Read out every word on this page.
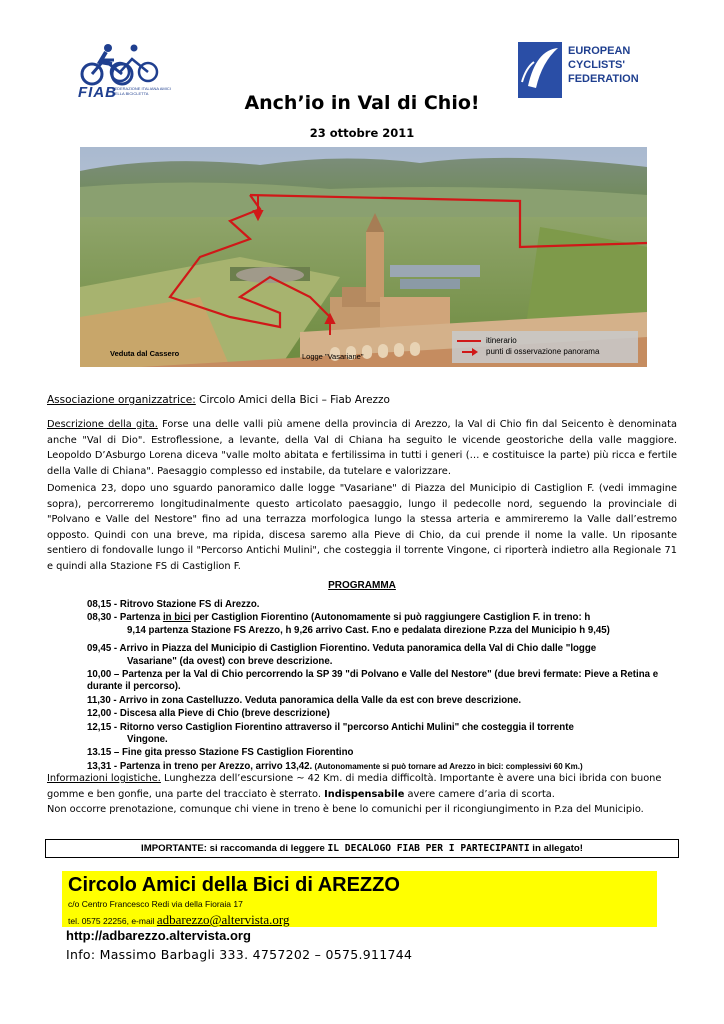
FIAB
FEDERAZIONE ITALIANA AMICI DELLA BICICLETTA
EUROPEAN
CYCLISTS'
FEDERATION
Anch’io in Val di Chio!
23 ottobre 2011
Veduta dal Cassero	Logge "Vasariane"
itinerario
punti di osservazione panorama
Associazione organizzatrice: Circolo Amici della Bici – Fiab Arezzo
Descrizione della gita. Forse una delle valli più amene della provincia di Arezzo, la Val di Chio fin dal Seicento è denominata anche "Val di Dio". Estroflessione, a levante, della Val di Chiana ha seguito le vicende geostoriche della valle maggiore. Leopoldo D’Asburgo Lorena diceva "valle molto abitata e fertilissima in tutti i generi (… e costituisce la parte) più ricca e fertile della Valle di Chiana". Paesaggio complesso ed instabile, da tutelare e valorizzare.
Domenica 23, dopo uno sguardo panoramico dalle logge "Vasariane" di Piazza del Municipio di Castiglion F. (vedi immagine sopra), percorreremo longitudinalmente questo articolato paesaggio, lungo il pedecolle nord, seguendo la provinciale di "Polvano e Valle del Nestore" fino ad una terrazza morfologica lungo la stessa arteria e ammireremo la Valle dall’estremo opposto. Quindi con una breve, ma ripida, discesa saremo alla Pieve di Chio, da cui prende il nome la valle. Un riposante sentiero di fondovalle lungo il "Percorso Antichi Mulini", che costeggia il torrente Vingone, ci riporterà indietro alla Regionale 71 e quindi alla Stazione FS di Castiglion F.
PROGRAMMA
08,15 - Ritrovo Stazione FS di Arezzo.
08,30 - Partenza in bici per Castiglion Fiorentino (Autonomamente si può raggiungere Castiglion F. in treno: h
9,14 partenza Stazione FS Arezzo, h 9,26 arrivo Cast. F.no e pedalata direzione P.zza del Municipio h 9,45)
09,45 - Arrivo in Piazza del Municipio di Castiglion Fiorentino. Veduta panoramica della Val di Chio dalle "logge
Vasariane" (da ovest) con breve descrizione.
10,00 – Partenza per la Val di Chio percorrendo la SP 39 "di Polvano e Valle del Nestore" (due brevi fermate: Pieve a Retina e durante il percorso).
11,30 - Arrivo in zona Castelluzzo. Veduta panoramica della Valle da est con breve descrizione.
12,00 - Discesa alla Pieve di Chio (breve descrizione)
12,15 - Ritorno verso Castiglion Fiorentino attraverso il "percorso Antichi Mulini" che costeggia il torrente
Vingone.
13.15 – Fine gita presso Stazione FS Castiglion Fiorentino
13,31 - Partenza in treno per Arezzo, arrivo 13,42. (Autonomamente si può tornare ad Arezzo in bici: complessivi 60 Km.)
Informazioni logistiche. Lunghezza dell’escursione ~ 42 Km. di media difficoltà. Importante è avere una bici ibrida con buone gomme e ben gonfie, una parte del tracciato è sterrato. Indispensabile avere camere d’aria di scorta.
Non occorre prenotazione, comunque chi viene in treno è bene lo comunichi per il ricongiungimento in P.za del Municipio.
IMPORTANTE: si raccomanda di leggere IL DECALOGO FIAB PER I PARTECIPANTI in allegato!
Circolo Amici della Bici di AREZZO
c/o Centro Francesco Redi via della Fioraia 17
tel. 0575 22256, e-mail adbarezzo@altervista.org
http://adbarezzo.altervista.org
Info: Massimo Barbagli 333. 4757202 – 0575.911744
